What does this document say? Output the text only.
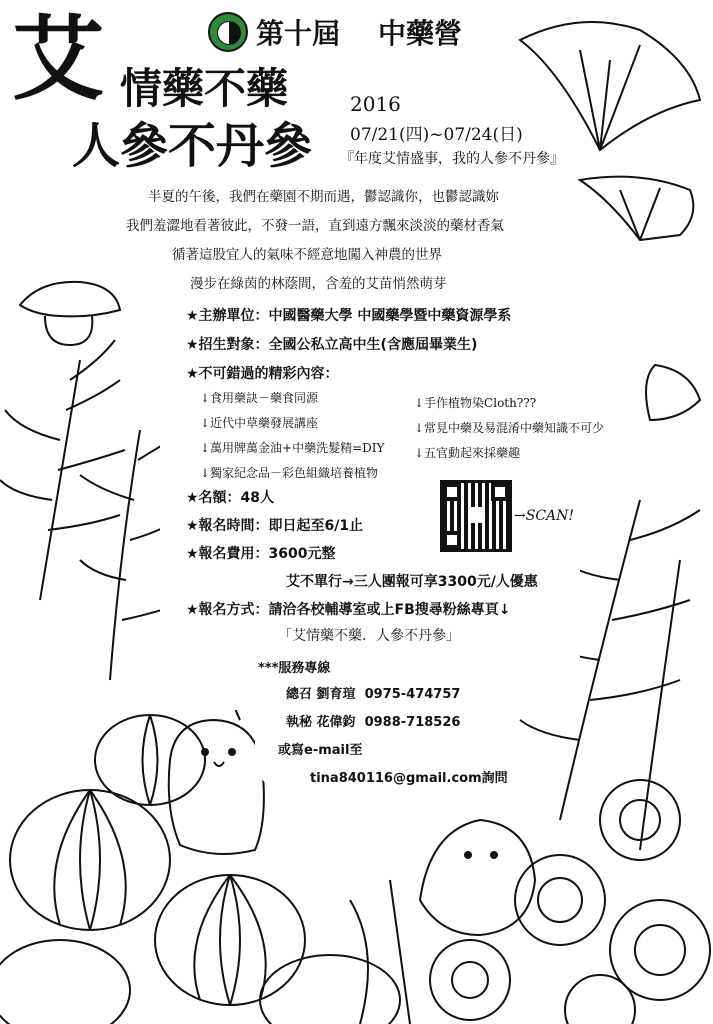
第十屆 中藥營
艾 情藥不藥
人參不丹參
2016
07/21(四)~07/24(日)
『年度艾情盛事，我的人參不丹參』
半夏的午後，我們在藥園不期而遇，鬱認識你，也鬱認識妳
我們羞澀地看著彼此，不發一語，直到遠方飄來淡淡的藥材香氣
循著這股宜人的氣味不經意地闖入神農的世界
漫步在綠茵的林蔭間，含羞的艾苗悄然萌芽
★主辦單位：中國醫藥大學 中國藥學暨中藥資源學系
★招生對象：全國公私立高中生(含應屆畢業生)
★不可錯過的精彩內容：
↓食用藥訣－藥食同源
↓近代中草藥發展講座
↓萬用牌萬金油+中藥洗髮精=DIY
↓獨家紀念品－彩色組織培養植物
↓手作植物染Cloth???
↓常見中藥及易混淆中藥知識不可少
↓五官動起來採藥趣
★名額：48人
★報名時間：即日起至6/1止
★報名費用：3600元整
艾不單行→三人團報可享3300元/人優惠
★報名方式：請洽各校輔導室或上FB搜尋粉絲專頁↓
「艾情藥不藥．人參不丹參」
→SCAN!
***服務專線
總召 劉育瑄  0975-474757
執秘 花偉鈞  0988-718526
或寫e-mail至
tina840116@gmail.com詢問
